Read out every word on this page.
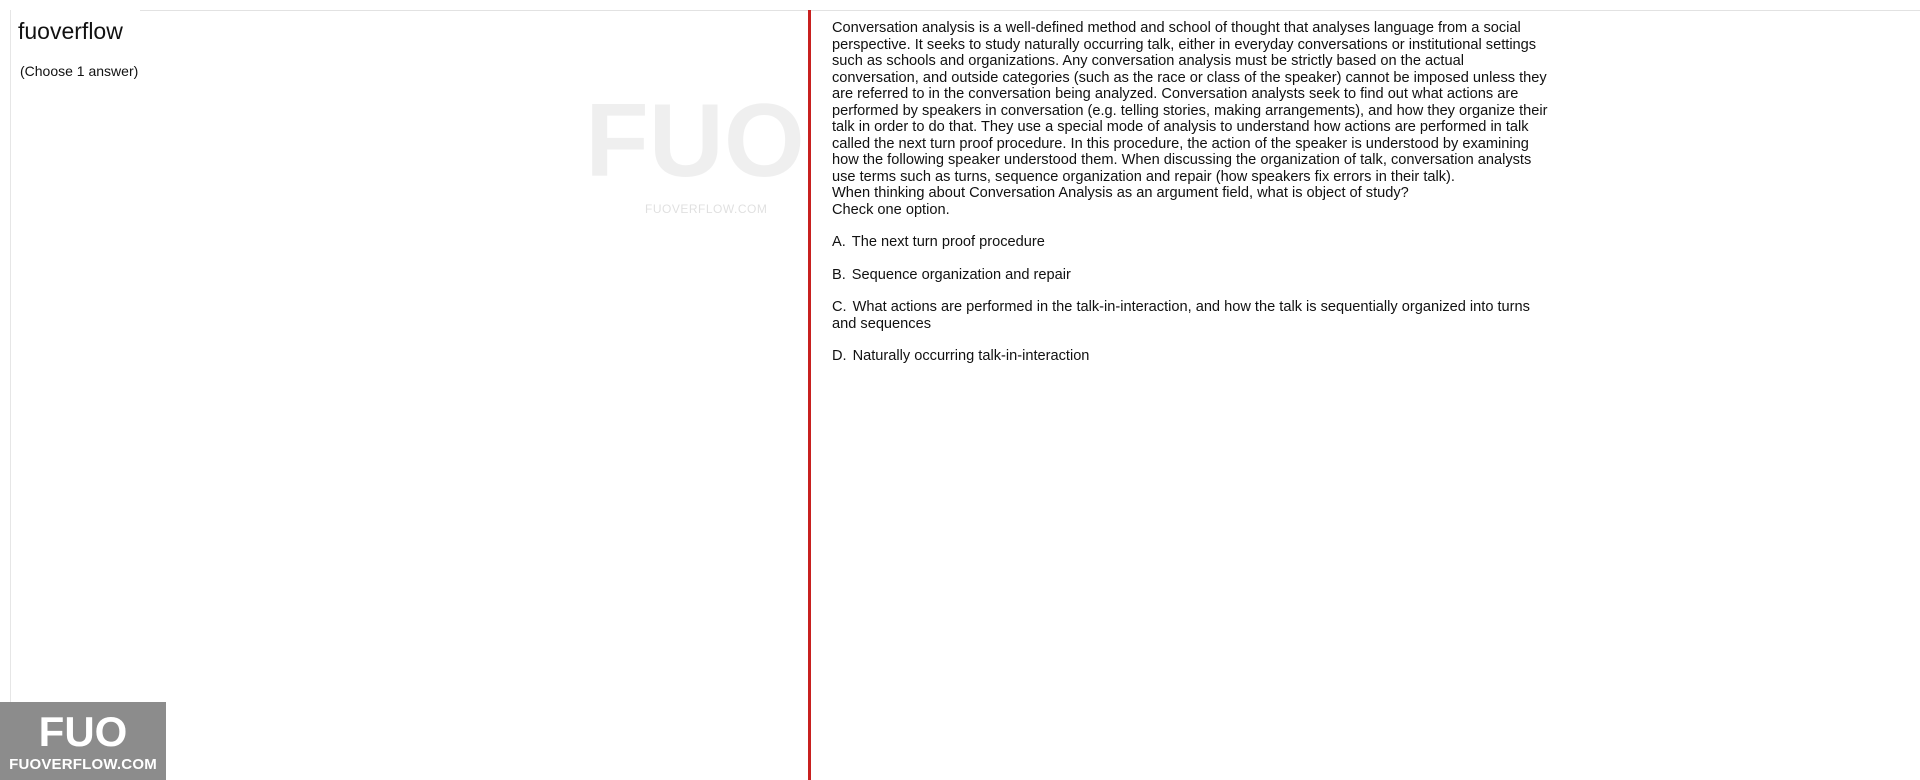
fuoverflow
(Choose 1 answer)
FUO
FUOVERFLOW.COM

Conversation analysis is a well-defined method and school of thought that analyses language from a social perspective. It seeks to study naturally occurring talk, either in everyday conversations or institutional settings such as schools and organizations. Any conversation analysis must be strictly based on the actual conversation, and outside categories (such as the race or class of the speaker) cannot be imposed unless they are referred to in the conversation being analyzed. Conversation analysts seek to find out what actions are performed by speakers in conversation (e.g. telling stories, making arrangements), and how they organize their talk in order to do that. They use a special mode of analysis to understand how actions are performed in talk called the next turn proof procedure. In this procedure, the action of the speaker is understood by examining how the following speaker understood them. When discussing the organization of talk, conversation analysts use terms such as turns, sequence organization and repair (how speakers fix errors in their talk).

When thinking about Conversation Analysis as an argument field, what is object of study?

Check one option.

A. The next turn proof procedure
B. Sequence organization and repair
C. What actions are performed in the talk-in-interaction, and how the talk is sequentially organized into turns and sequences
D. Naturally occurring talk-in-interaction
FUO
FUOVERFLOW.COM
